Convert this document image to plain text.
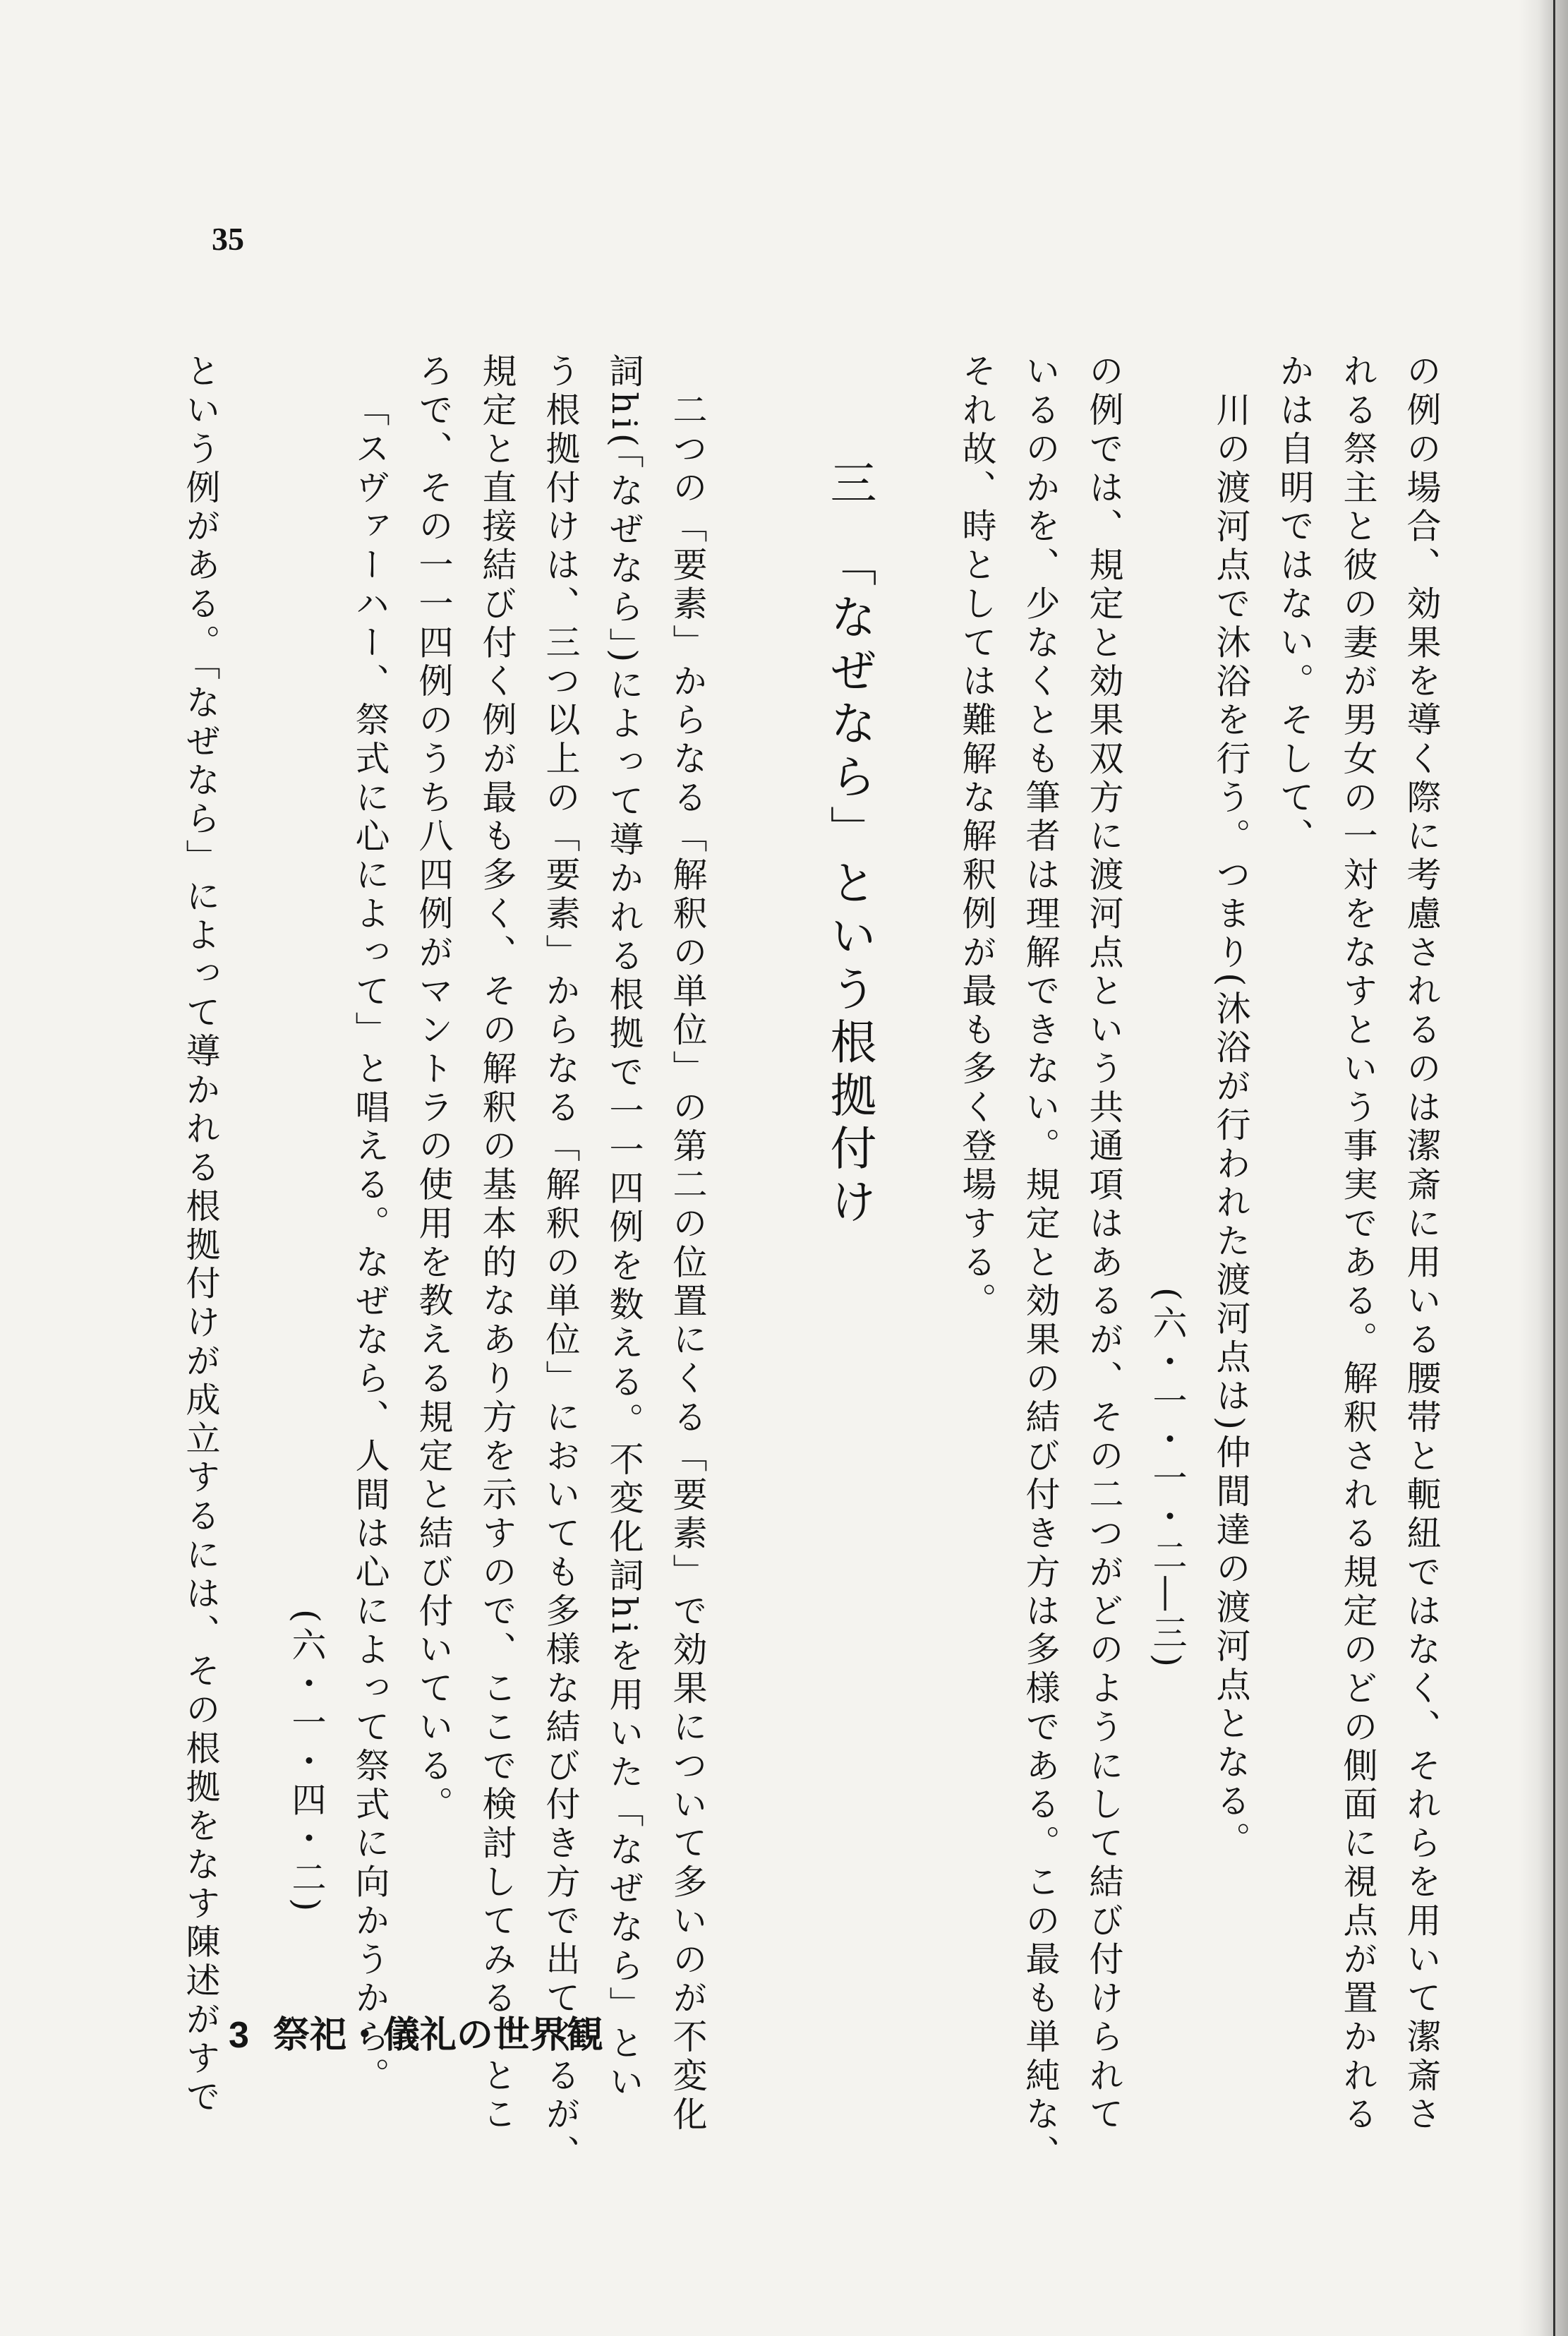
35
の例の場合、効果を導く際に考慮されるのは潔斎に用いる腰帯と軛紐ではなく、それらを用いて潔斎さ
れる祭主と彼の妻が男女の一対をなすという事実である。解釈される規定のどの側面に視点が置かれる
かは自明ではない。そして、
川の渡河点で沐浴を行う。つまり(沐浴が行われた渡河点は)仲間達の渡河点となる。
(六・一・一・二―三)
の例では、規定と効果双方に渡河点という共通項はあるが、その二つがどのようにして結び付けられて
いるのかを、少なくとも筆者は理解できない。規定と効果の結び付き方は多様である。この最も単純な、
それ故、時としては難解な解釈例が最も多く登場する。
三「なぜなら」という根拠付け
二つの「要素」からなる「解釈の単位」の第二の位置にくる「要素」で効果について多いのが不変化
詞hi(「なぜなら」)によって導かれる根拠で一一四例を数える。不変化詞hiを用いた「なぜなら」とい
う根拠付けは、三つ以上の「要素」からなる「解釈の単位」においても多様な結び付き方で出てくるが、
規定と直接結び付く例が最も多く、その解釈の基本的なあり方を示すので、ここで検討してみる。とこ
ろで、その一一四例のうち八四例がマントラの使用を教える規定と結び付いている。
「スヴァーハー、祭式に心によって」と唱える。なぜなら、人間は心によって祭式に向かうから。
(六・一・四・二)
という例がある。「なぜなら」によって導かれる根拠付けが成立するには、その根拠をなす陳述がすで 3 祭祀・儀礼の世界観
